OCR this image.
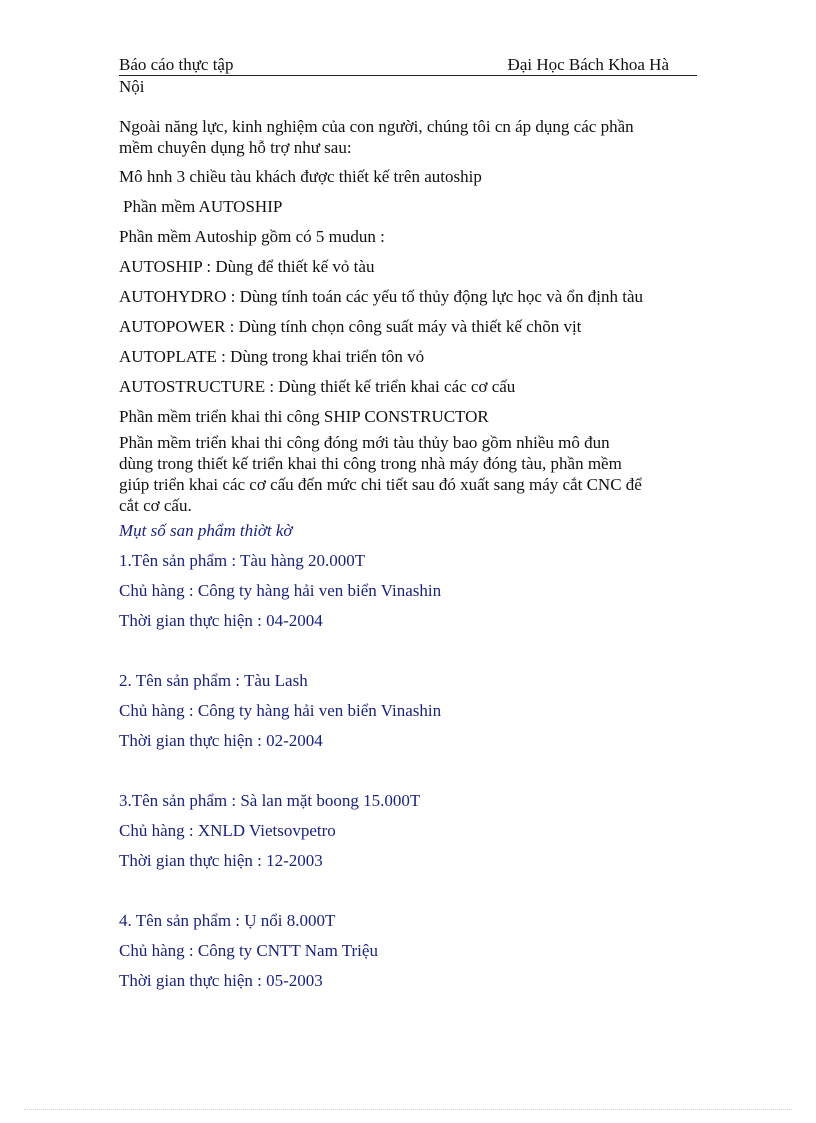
Báo cáo thực tập	Đại Học Bách Khoa Hà
Nội

Ngoài năng lực, kinh nghiệm của con người, chúng tôi cn áp dụng các phần

mềm chuyên dụng hỗ trợ như sau:

Mô hnh 3 chiều tàu khách được thiết kế trên autoship

Phần mềm AUTOSHIP

Phần mềm Autoship gồm có 5 mudun :

AUTOSHIP : Dùng để thiết kế vỏ tàu

AUTOHYDRO : Dùng tính toán các yếu tố thủy động lực học và ổn định tàu

AUTOPOWER : Dùng tính chọn công suất máy và thiết kế chõn vịt

AUTOPLATE : Dùng trong khai triển tôn vỏ

AUTOSTRUCTURE : Dùng thiết kế triển khai các cơ cấu

Phần mềm triển khai thi công SHIP CONSTRUCTOR

Phần mềm triển khai thi công đóng mới tàu thủy bao gồm nhiều mô đun

dùng trong thiết kế triển khai thi công trong nhà máy đóng tàu, phần mềm

giúp triển khai các cơ cấu đến mức chi tiết sau đó xuất sang máy cắt CNC để

cắt cơ cấu.

Mụt số san phẩm thiờt kờ

1.Tên sản phẩm : Tàu hàng 20.000T

Chủ hàng : Công ty hàng hải ven biển Vinashin

Thời gian thực hiện : 04-2004

2. Tên sản phẩm : Tàu Lash

Chủ hàng : Công ty hàng hải ven biển Vinashin

Thời gian thực hiện : 02-2004

3.Tên sản phẩm : Sà lan mặt boong 15.000T

Chủ hàng : XNLD Vietsovpetro

Thời gian thực hiện : 12-2003

4. Tên sản phẩm : Ụ nổi 8.000T

Chủ hàng : Công ty CNTT Nam Triệu

Thời gian thực hiện : 05-2003
